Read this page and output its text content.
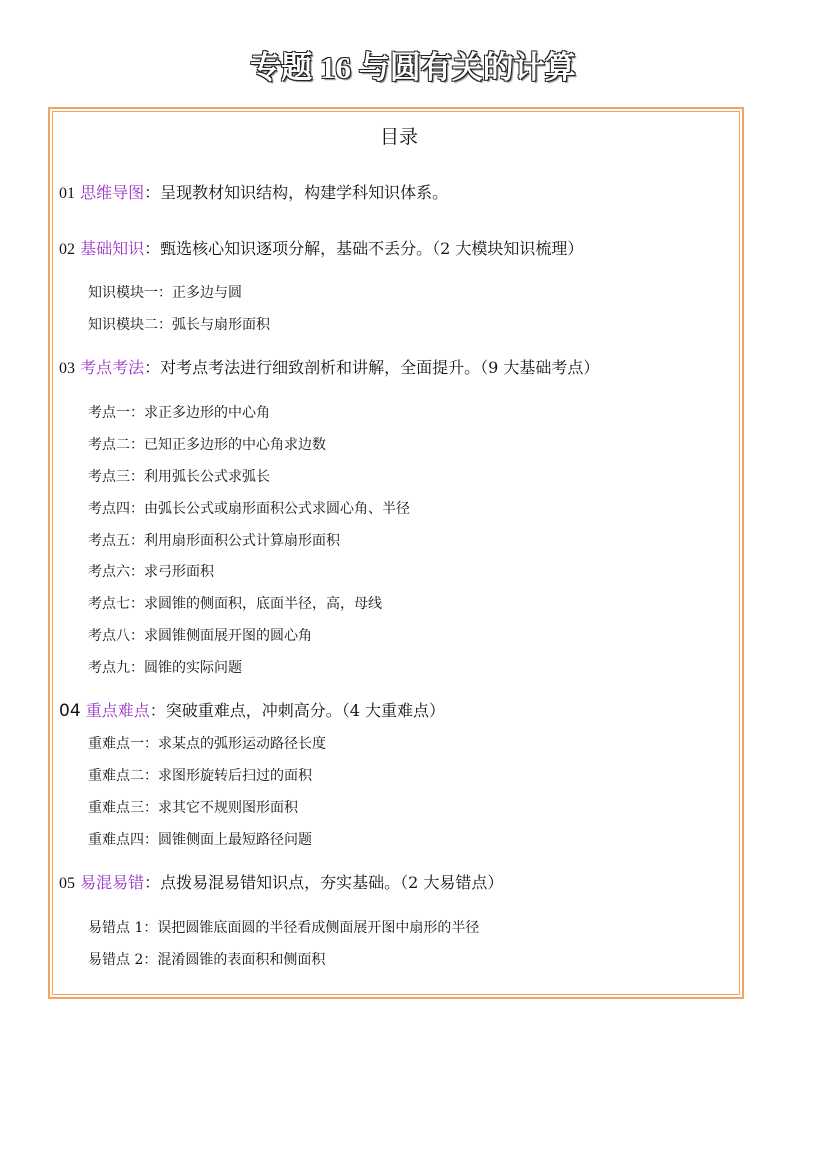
专题 16 与圆有关的计算
目录
01 思维导图：呈现教材知识结构，构建学科知识体系。
02 基础知识：甄选核心知识逐项分解，基础不丢分。（2 大模块知识梳理）
知识模块一：正多边与圆
知识模块二：弧长与扇形面积
03 考点考法：对考点考法进行细致剖析和讲解，全面提升。（9 大基础考点）
考点一：求正多边形的中心角
考点二：已知正多边形的中心角求边数
考点三：利用弧长公式求弧长
考点四：由弧长公式或扇形面积公式求圆心角、半径
考点五：利用扇形面积公式计算扇形面积
考点六：求弓形面积
考点七：求圆锥的侧面积，底面半径，高，母线
考点八：求圆锥侧面展开图的圆心角
考点九：圆锥的实际问题
04 重点难点：突破重难点，冲刺高分。（4 大重难点）
重难点一：求某点的弧形运动路径长度
重难点二：求图形旋转后扫过的面积
重难点三：求其它不规则图形面积
重难点四：圆锥侧面上最短路径问题
05 易混易错：点拨易混易错知识点，夯实基础。（2 大易错点）
易错点 1：误把圆锥底面圆的半径看成侧面展开图中扇形的半径
易错点 2：混淆圆锥的表面积和侧面积
